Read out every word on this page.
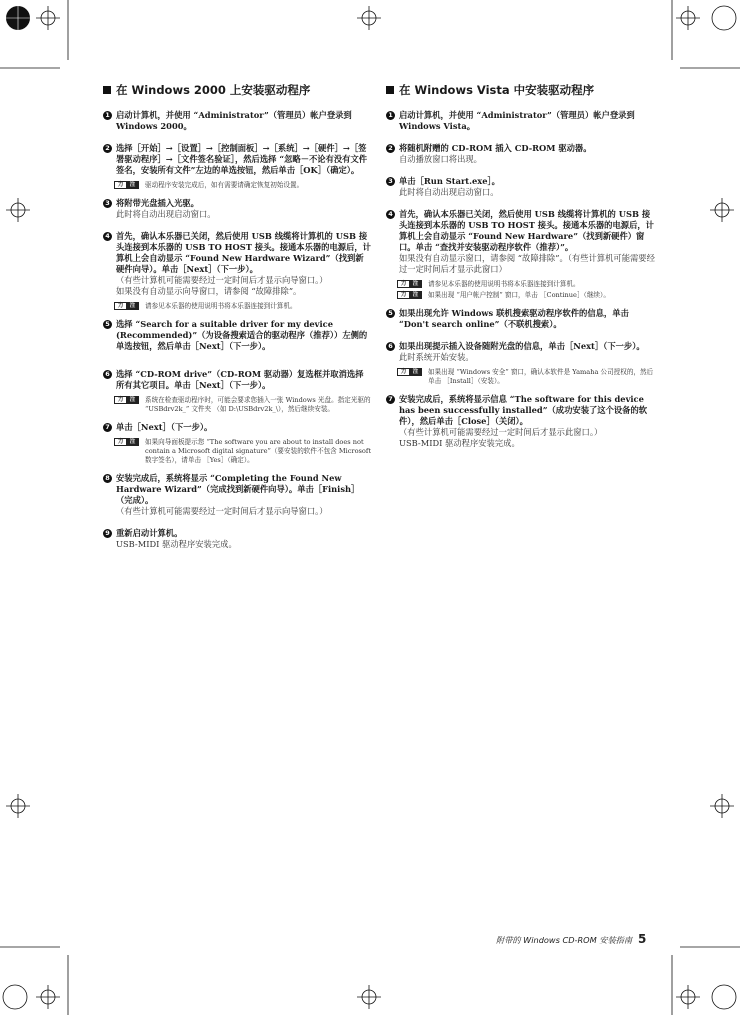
在 Windows 2000 上安装驱动程序
1 启动计算机，并使用 “Administrator”（管理员）帐户登录到 Windows 2000。
2 选择［开始］→［设置］→［控制面板］→［系统］→［硬件］→［签署驱动程序］→［文件签名验证］，然后选择 “忽略－不论有没有文件签名，安装所有文件”左边的单选按钮，然后单击［OK］（确定）。
力	注	驱动程序安装完成后，如有需要请确定恢复初始设置。
3 将附带光盘插入光驱。
此时将自动出现启动窗口。
4 首先，确认本乐器已关闭，然后使用 USB 线缆将计算机的 USB 接头连接到本乐器的 USB TO HOST 接头。接通本乐器的电源后，计算机上会自动显示 “Found New Hardware Wizard”（找到新硬件向导）。单击［Next］（下一步）。
（有些计算机可能需要经过一定时间后才显示向导窗口。）
如果没有自动显示向导窗口，请参阅 “故障排除”。
力	注	请参见本乐器的使用说明书将本乐器连接到计算机。
5 选择 “Search for a suitable driver for my device (Recommended)”（为设备搜索适合的驱动程序（推荐））左侧的单选按钮，然后单击［Next］（下一步）。
6 选择 “CD-ROM drive”（CD-ROM 驱动器）复选框并取消选择所有其它项目。单击［Next］（下一步）。
力	注	系统在检查驱动程序时，可能会要求您插入一张 Windows 光盘。指定光驱的 “USBdrv2k_” 文件夹 （如 D:\USBdrv2k_\），然后继续安装。
7 单击［Next］（下一步）。
力	注	如果向导面板提示您 “The software you are about to install does not contain a Microsoft digital signature”（要安装的软件不包含 Microsoft 数字签名），请单击 ［Yes］（确定）。
8 安装完成后，系统将显示 “Completing the Found New Hardware Wizard”（完成找到新硬件向导）。单击［Finish］（完成）。
（有些计算机可能需要经过一定时间后才显示向导窗口。）
9 重新启动计算机。
USB-MIDI 驱动程序安装完成。
在 Windows Vista 中安装驱动程序
1 启动计算机，并使用 “Administrator”（管理员）帐户登录到 Windows Vista。
2 将随机附赠的 CD-ROM 插入 CD-ROM 驱动器。
自动播放窗口将出现。
3 单击［Run Start.exe］。
此时将自动出现启动窗口。
4 首先，确认本乐器已关闭，然后使用 USB 线缆将计算机的 USB 接头连接到本乐器的 USB TO HOST 接头。接通本乐器的电源后，计算机上会自动显示 “Found New Hardware”（找到新硬件）窗口。单击 “查找并安装驱动程序软件（推荐）”。
如果没有自动显示窗口，请参阅 “故障排除”。（有些计算机可能需要经过一定时间后才显示此窗口）
力	注	请参见本乐器的使用说明书将本乐器连接到计算机。
力	注	如果出现 “用户帐户控制” 窗口，单击 ［Continue］（继续）。
5 如果出现允许 Windows 联机搜索驱动程序软件的信息，单击 “Don't search online”（不联机搜索）。
6 如果出现提示插入设备随附光盘的信息，单击［Next］（下一步）。
此时系统开始安装。
力	注	如果出现 “Windows 安全” 窗口，确认本软件是 Yamaha 公司授权的，然后单击 ［Install］（安装）。
7 安装完成后，系统将显示信息 “The software for this device has been successfully installed”（成功安装了这个设备的软件），然后单击［Close］（关闭）。
（有些计算机可能需要经过一定时间后才显示此窗口。）
USB-MIDI 驱动程序安装完成。
附带的 Windows CD-ROM 安装指南 5
